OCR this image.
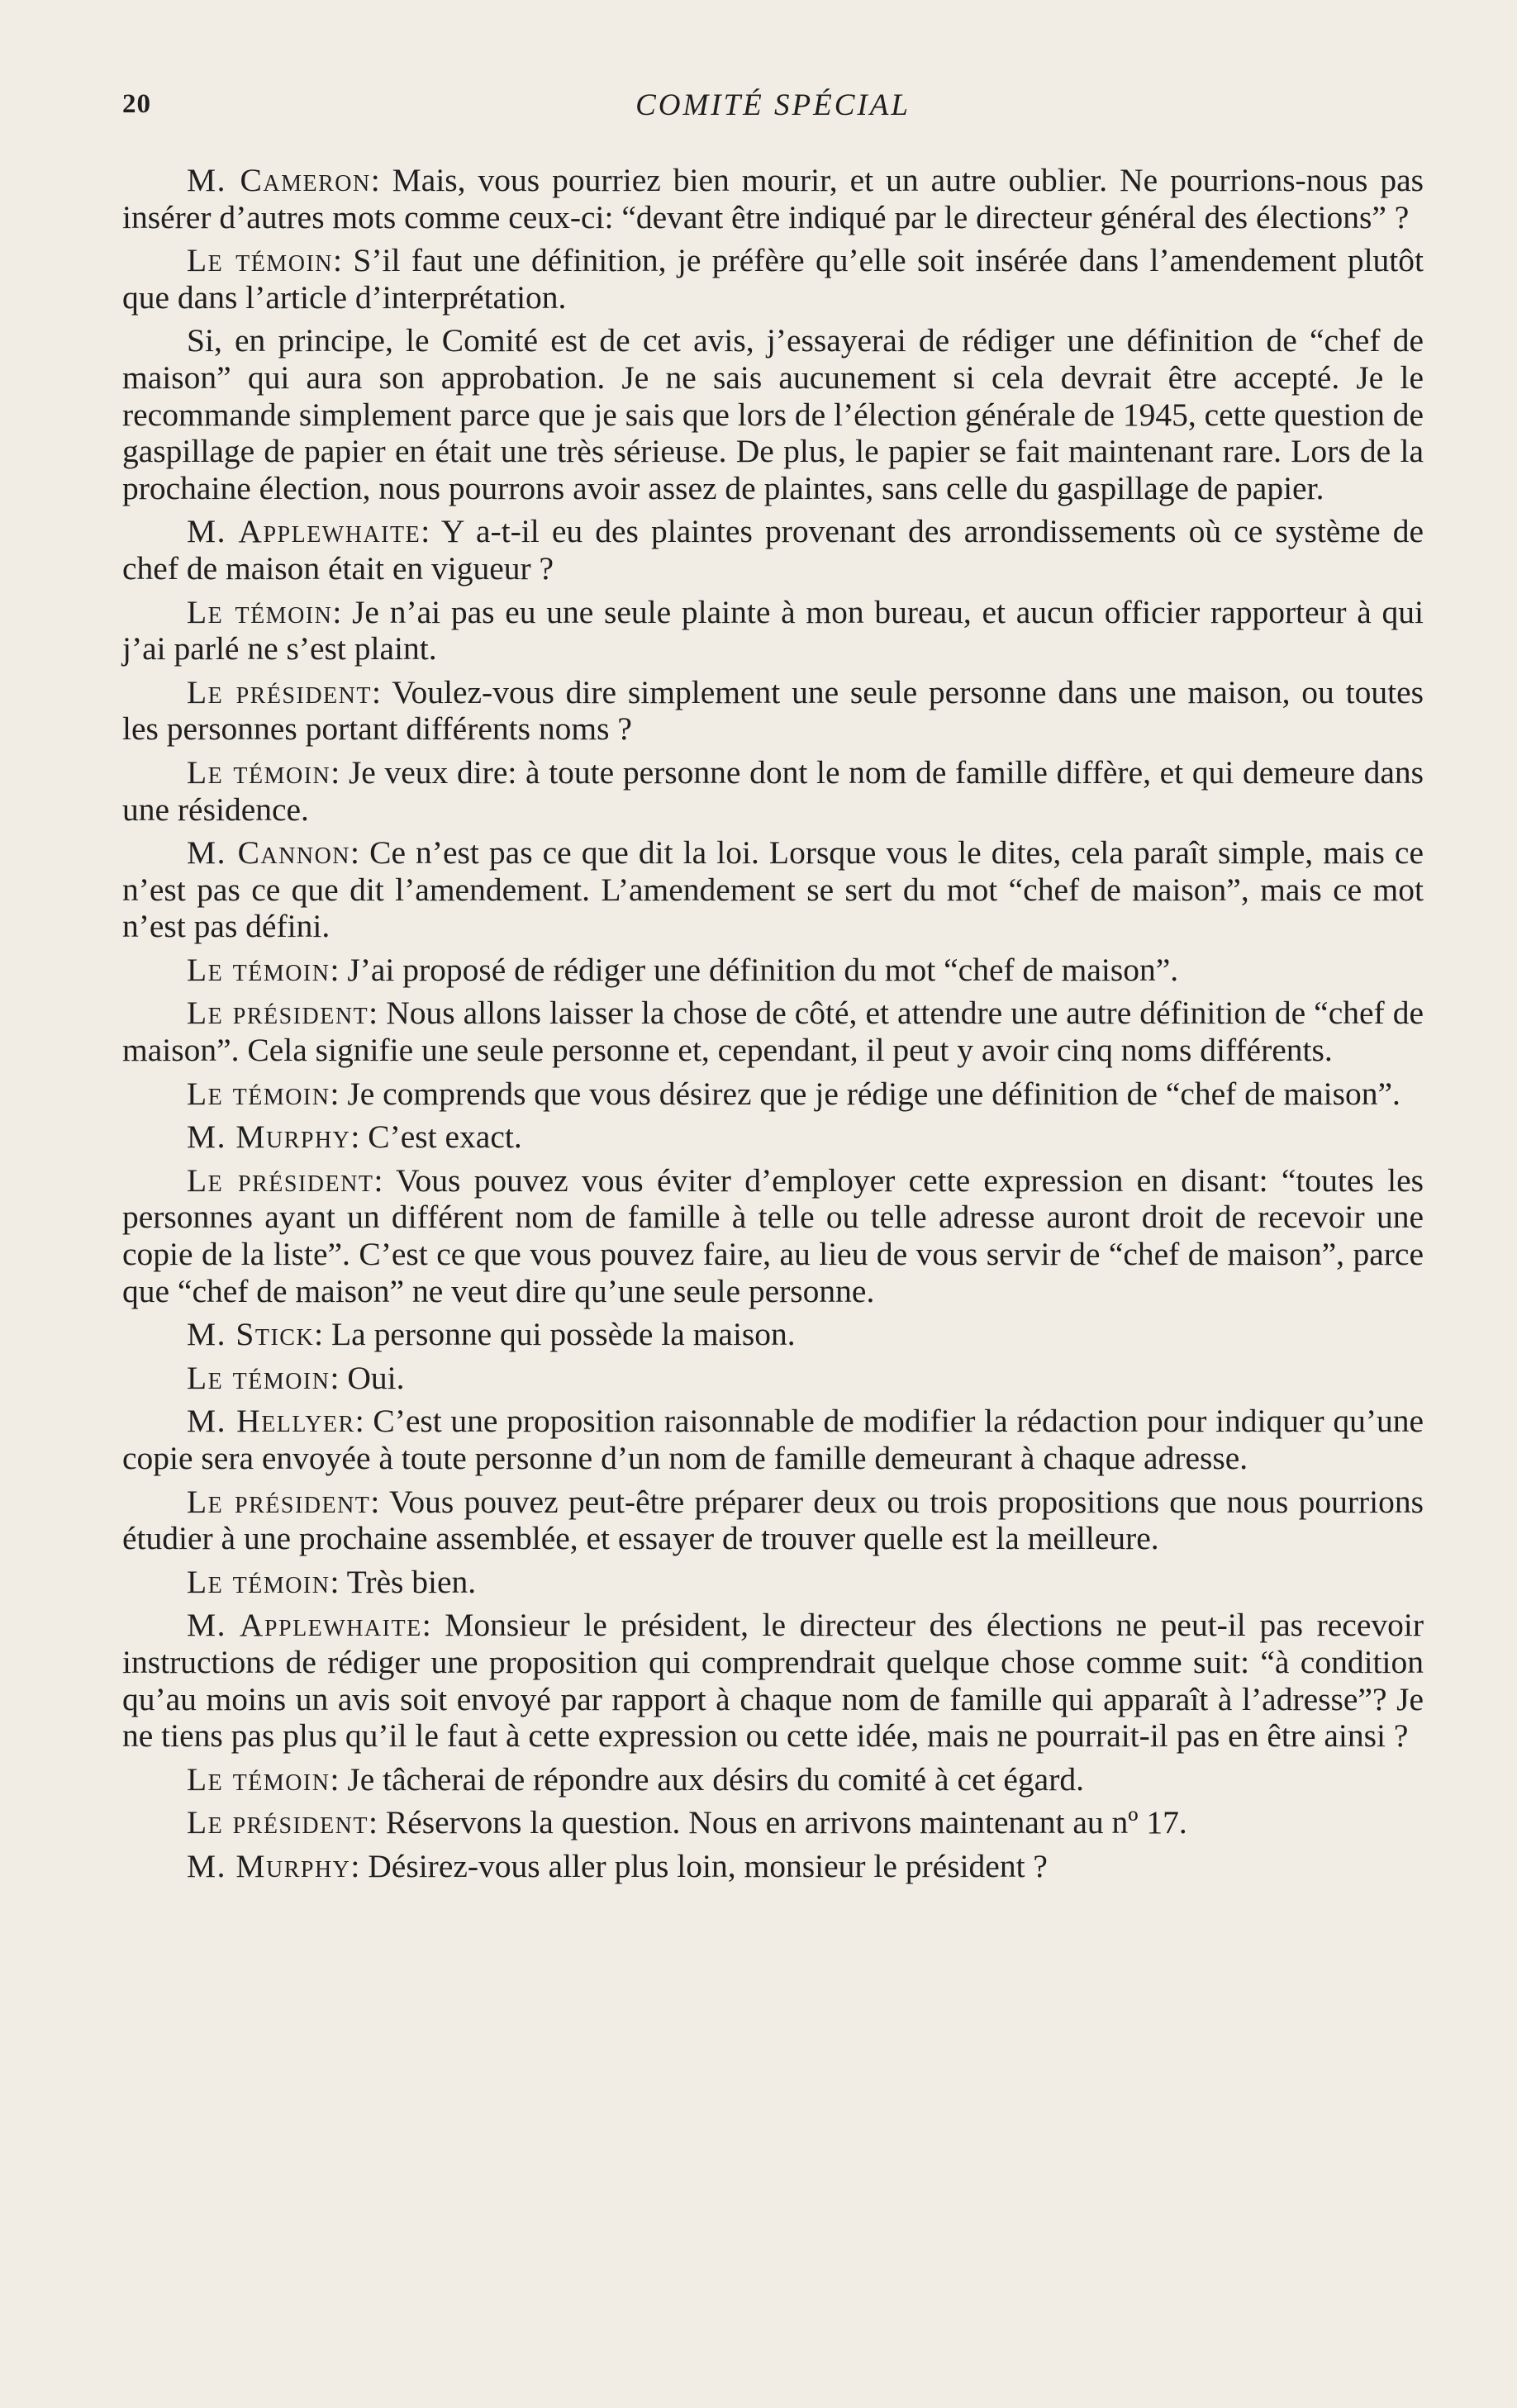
20	COMITÉ SPÉCIAL

M. Cameron: Mais, vous pourriez bien mourir, et un autre oublier. Ne pourrions-nous pas insérer d’autres mots comme ceux-ci: “devant être indiqué par le directeur général des élections” ?

Le témoin: S’il faut une définition, je préfère qu’elle soit insérée dans l’amendement plutôt que dans l’article d’interprétation.

Si, en principe, le Comité est de cet avis, j’essayerai de rédiger une définition de “chef de maison” qui aura son approbation. Je ne sais aucunement si cela devrait être accepté. Je le recommande simplement parce que je sais que lors de l’élection générale de 1945, cette question de gaspillage de papier en était une très sérieuse. De plus, le papier se fait maintenant rare. Lors de la prochaine élection, nous pourrons avoir assez de plaintes, sans celle du gaspillage de papier.

M. Applewhaite: Y a-t-il eu des plaintes provenant des arrondissements où ce système de chef de maison était en vigueur ?

Le témoin: Je n’ai pas eu une seule plainte à mon bureau, et aucun officier rapporteur à qui j’ai parlé ne s’est plaint.

Le président: Voulez-vous dire simplement une seule personne dans une maison, ou toutes les personnes portant différents noms ?

Le témoin: Je veux dire: à toute personne dont le nom de famille diffère, et qui demeure dans une résidence.

M. Cannon: Ce n’est pas ce que dit la loi. Lorsque vous le dites, cela paraît simple, mais ce n’est pas ce que dit l’amendement. L’amendement se sert du mot “chef de maison”, mais ce mot n’est pas défini.

Le témoin: J’ai proposé de rédiger une définition du mot “chef de maison”.

Le président: Nous allons laisser la chose de côté, et attendre une autre définition de “chef de maison”. Cela signifie une seule personne et, cependant, il peut y avoir cinq noms différents.

Le témoin: Je comprends que vous désirez que je rédige une définition de “chef de maison”.

M. Murphy: C’est exact.

Le président: Vous pouvez vous éviter d’employer cette expression en disant: “toutes les personnes ayant un différent nom de famille à telle ou telle adresse auront droit de recevoir une copie de la liste”. C’est ce que vous pouvez faire, au lieu de vous servir de “chef de maison”, parce que “chef de maison” ne veut dire qu’une seule personne.

M. Stick: La personne qui possède la maison.

Le témoin: Oui.

M. Hellyer: C’est une proposition raisonnable de modifier la rédaction pour indiquer qu’une copie sera envoyée à toute personne d’un nom de famille demeurant à chaque adresse.

Le président: Vous pouvez peut-être préparer deux ou trois propositions que nous pourrions étudier à une prochaine assemblée, et essayer de trouver quelle est la meilleure.

Le témoin: Très bien.

M. Applewhaite: Monsieur le président, le directeur des élections ne peut-il pas recevoir instructions de rédiger une proposition qui comprendrait quelque chose comme suit: “à condition qu’au moins un avis soit envoyé par rapport à chaque nom de famille qui apparaît à l’adresse”? Je ne tiens pas plus qu’il le faut à cette expression ou cette idée, mais ne pourrait-il pas en être ainsi ?

Le témoin: Je tâcherai de répondre aux désirs du comité à cet égard.

Le président: Réservons la question. Nous en arrivons maintenant au nº 17.

M. Murphy: Désirez-vous aller plus loin, monsieur le président ?
